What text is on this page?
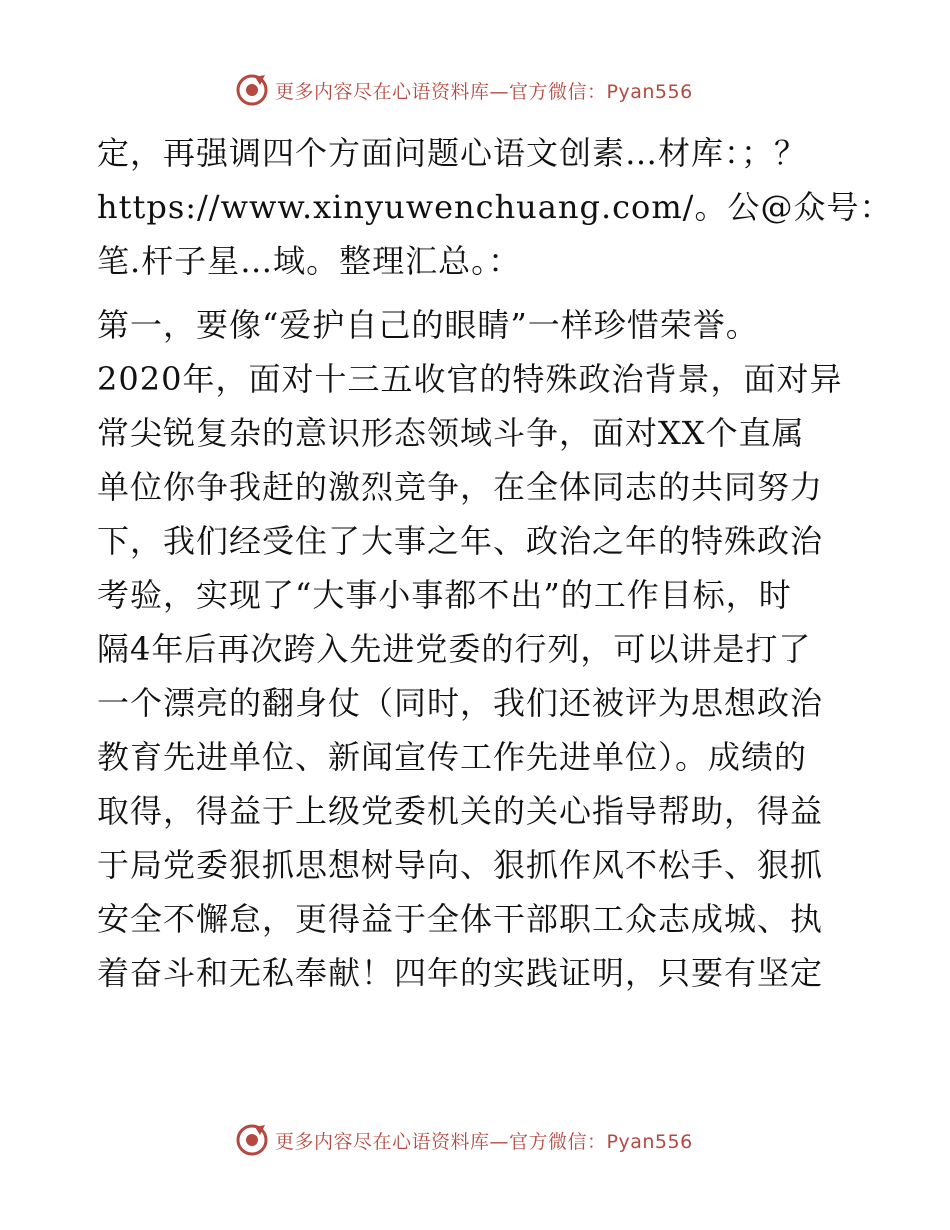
更多内容尽在心语资料库—官方微信：Pyan556
定，再强调四个方面问题心语文创素…材库：；？
https://www.xinyuwenchuang.com/。公@众号：
笔.杆子星…域。整理汇总。：
第一，要像“爱护自己的眼睛”一样珍惜荣誉。
2020年，面对十三五收官的特殊政治背景，面对异
常尖锐复杂的意识形态领域斗争，面对XX个直属
单位你争我赶的激烈竞争，在全体同志的共同努力
下，我们经受住了大事之年、政治之年的特殊政治
考验，实现了“大事小事都不出”的工作目标，时
隔4年后再次跨入先进党委的行列，可以讲是打了
一个漂亮的翻身仗（同时，我们还被评为思想政治
教育先进单位、新闻宣传工作先进单位）。成绩的
取得，得益于上级党委机关的关心指导帮助，得益
于局党委狠抓思想树导向、狠抓作风不松手、狠抓
安全不懈怠，更得益于全体干部职工众志成城、执
着奋斗和无私奉献！四年的实践证明，只要有坚定
更多内容尽在心语资料库—官方微信：Pyan556
